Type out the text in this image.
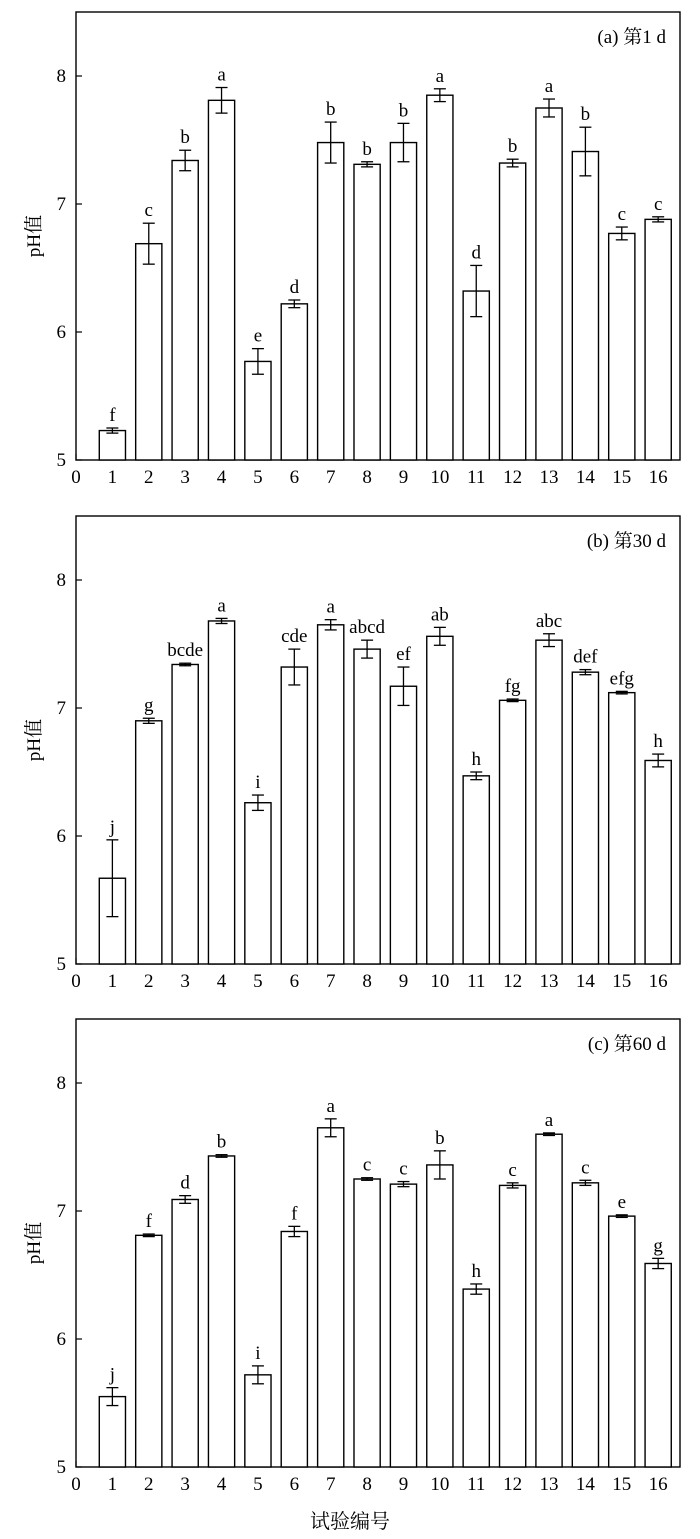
5
6
7
8
0 1 2 3 4 5 6 7 8 9 10 11 12 13 14 15 16
pH值
(a) 第1 d
f
c
b
a
e
d
b
b
b
a
d
b
a
b
c c
5
6
7
8
0 1 2 3 4 5 6 7 8 9 10 11 12 13 14 15 16
pH值
(b) 第30 d
j
g
bcde
a
i
cde
a
abcd
ef
ab
h
fg
abc
def
efg
h
5
6
7
8
0 1 2 3 4 5 6 7 8 9 10 11 12 13 14 15 16
pH值
(c) 第60 d
j
f
d
b
i
f
a
c c
b
h
c
a
c
e
g
试验编号
